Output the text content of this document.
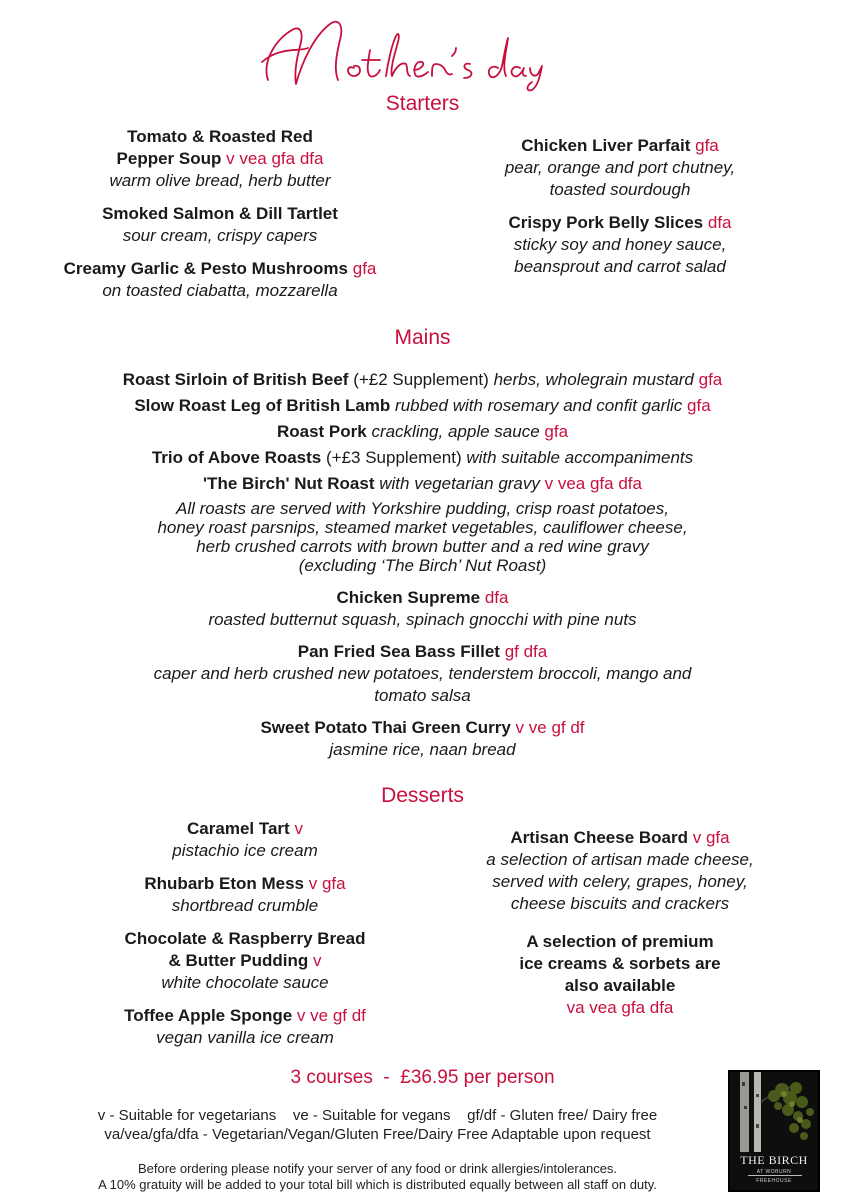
Starters
Tomato & Roasted Red
Pepper Soup v vea gfa dfa
warm olive bread, herb butter
Smoked Salmon & Dill Tartlet
sour cream, crispy capers
Creamy Garlic & Pesto Mushrooms gfa
on toasted ciabatta, mozzarella
Chicken Liver Parfait gfa
pear, orange and port chutney,
toasted sourdough
Crispy Pork Belly Slices dfa
sticky soy and honey sauce,
beansprout and carrot salad
Mains
Roast Sirloin of British Beef (+£2 Supplement) herbs, wholegrain mustard gfa
Slow Roast Leg of British Lamb rubbed with rosemary and confit garlic gfa
Roast Pork crackling, apple sauce gfa
Trio of Above Roasts (+£3 Supplement) with suitable accompaniments
'The Birch' Nut Roast with vegetarian gravy v vea gfa dfa
All roasts are served with Yorkshire pudding, crisp roast potatoes,
honey roast parsnips, steamed market vegetables, cauliflower cheese,
herb crushed carrots with brown butter and a red wine gravy
(excluding ‘The Birch’ Nut Roast)
Chicken Supreme dfa
roasted butternut squash, spinach gnocchi with pine nuts
Pan Fried Sea Bass Fillet gf dfa
caper and herb crushed new potatoes, tenderstem broccoli, mango and
tomato salsa
Sweet Potato Thai Green Curry v ve gf df
jasmine rice, naan bread
Desserts
Caramel Tart v
pistachio ice cream
Rhubarb Eton Mess v gfa
shortbread crumble
Chocolate & Raspberry Bread
& Butter Pudding v
white chocolate sauce
Toffee Apple Sponge v ve gf df
vegan vanilla ice cream
Artisan Cheese Board v gfa
a selection of artisan made cheese,
served with celery, grapes, honey,
cheese biscuits and crackers
A selection of premium
ice creams & sorbets are
also available
va vea gfa dfa
3 courses  -  £36.95 per person
v - Suitable for vegetarians    ve - Suitable for vegans    gf/df - Gluten free/ Dairy free
va/vea/gfa/dfa - Vegetarian/Vegan/Gluten Free/Dairy Free Adaptable upon request
Before ordering please notify your server of any food or drink allergies/intolerances.
A 10% gratuity will be added to your total bill which is distributed equally between all staff on duty.
THE BIRCH
AT WOBURN
FREEHOUSE
